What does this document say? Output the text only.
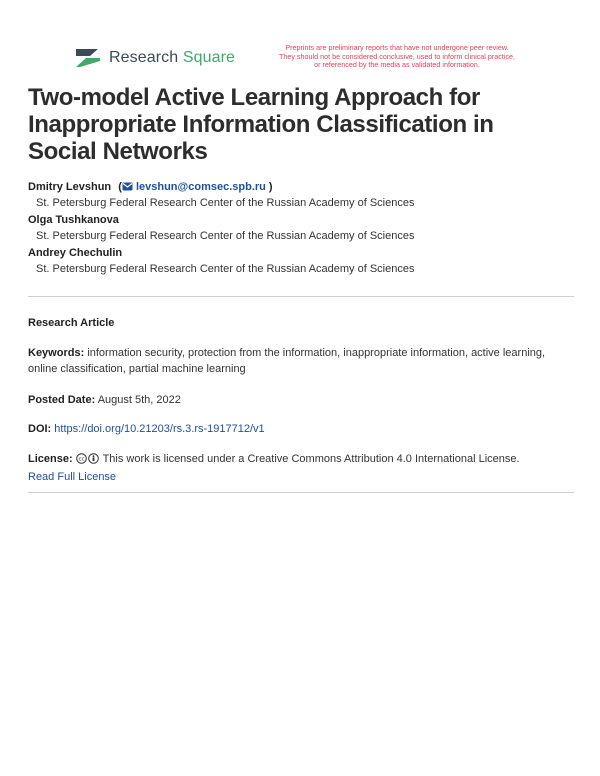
Research Square
Preprints are preliminary reports that have not undergone peer review.
They should not be considered conclusive, used to inform clinical practice,
or referenced by the media as validated information.
Two-model Active Learning Approach for Inappropriate Information Classification in Social Networks
Dmitry Levshun ( levshun@comsec.spb.ru )
St. Petersburg Federal Research Center of the Russian Academy of Sciences
Olga Tushkanova
St. Petersburg Federal Research Center of the Russian Academy of Sciences
Andrey Chechulin
St. Petersburg Federal Research Center of the Russian Academy of Sciences
Research Article
Keywords: information security, protection from the information, inappropriate information, active learning, online classification, partial machine learning
Posted Date: August 5th, 2022
DOI: https://doi.org/10.21203/rs.3.rs-1917712/v1
License: cc This work is licensed under a Creative Commons Attribution 4.0 International License.
Read Full License
